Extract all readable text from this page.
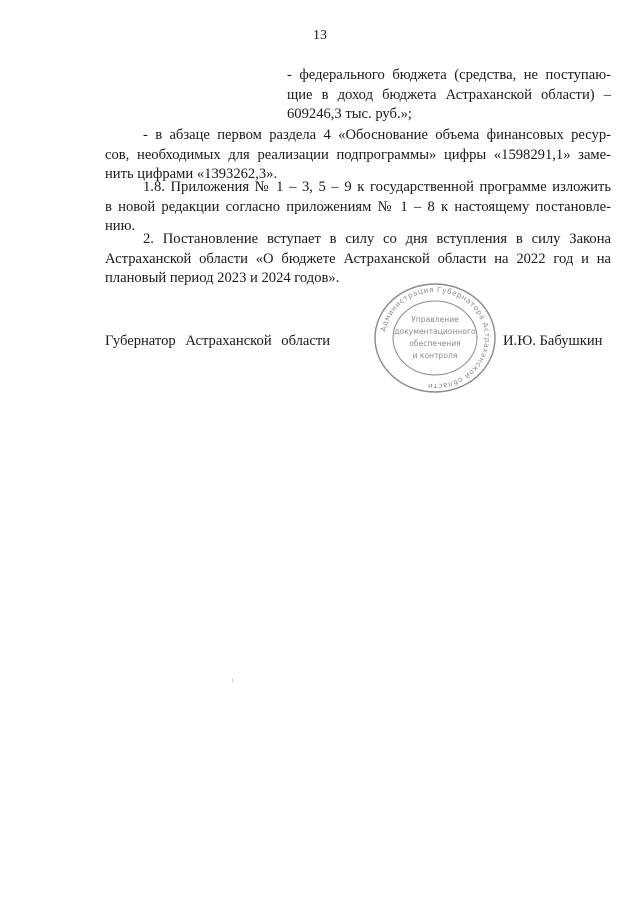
13
- федерального бюджета (средства, не поступаю-
щие в доход бюджета Астраханской области) –
609246,3 тыс. руб.»;
- в абзаце первом раздела 4 «Обоснование объема финансовых ресур-
сов, необходимых для реализации подпрограммы» цифры «1598291,1» заме-
нить цифрами «1393262,3».
1.8. Приложения № 1 – 3, 5 – 9 к государственной программе изложить
в новой редакции согласно приложениям № 1 – 8 к настоящему постановле-
нию.
2. Постановление вступает в силу со дня вступления в силу Закона
Астраханской области «О бюджете Астраханской области на 2022 год и на
плановый период 2023 и 2024 годов».
Губернатор Астраханской области	И.Ю. Бабушкин
Администрация Губернатора Астраханской области
Управление
документационного
обеспечения
и контроля
